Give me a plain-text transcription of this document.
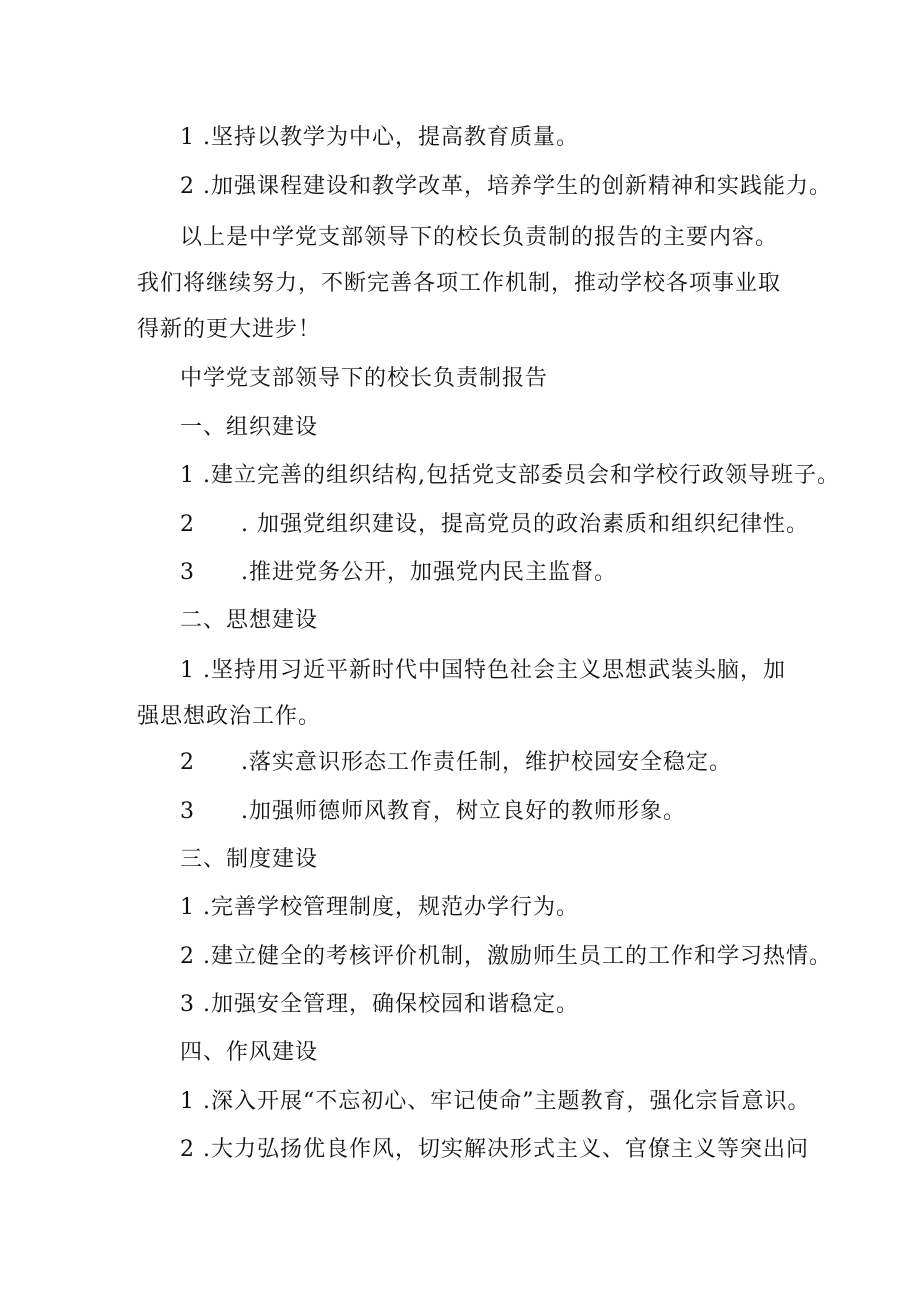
1 .坚持以教学为中心，提高教育质量。
2 .加强课程建设和教学改革，培养学生的创新精神和实践能力。
以上是中学党支部领导下的校长负责制的报告的主要内容。我们将继续努力，不断完善各项工作机制，推动学校各项事业取得新的更大进步！
中学党支部领导下的校长负责制报告
一、组织建设
1 .建立完善的组织结构,包括党支部委员会和学校行政领导班子。
2　　. 加强党组织建设，提高党员的政治素质和组织纪律性。
3　　.推进党务公开，加强党内民主监督。
二、思想建设
1 .坚持用习近平新时代中国特色社会主义思想武装头脑，加强思想政治工作。
2　　.落实意识形态工作责任制，维护校园安全稳定。
3　　.加强师德师风教育，树立良好的教师形象。
三、制度建设
1 .完善学校管理制度，规范办学行为。
2 .建立健全的考核评价机制，激励师生员工的工作和学习热情。
3 .加强安全管理，确保校园和谐稳定。
四、作风建设
1 .深入开展“不忘初心、牢记使命”主题教育，强化宗旨意识。
2 .大力弘扬优良作风，切实解决形式主义、官僚主义等突出问
